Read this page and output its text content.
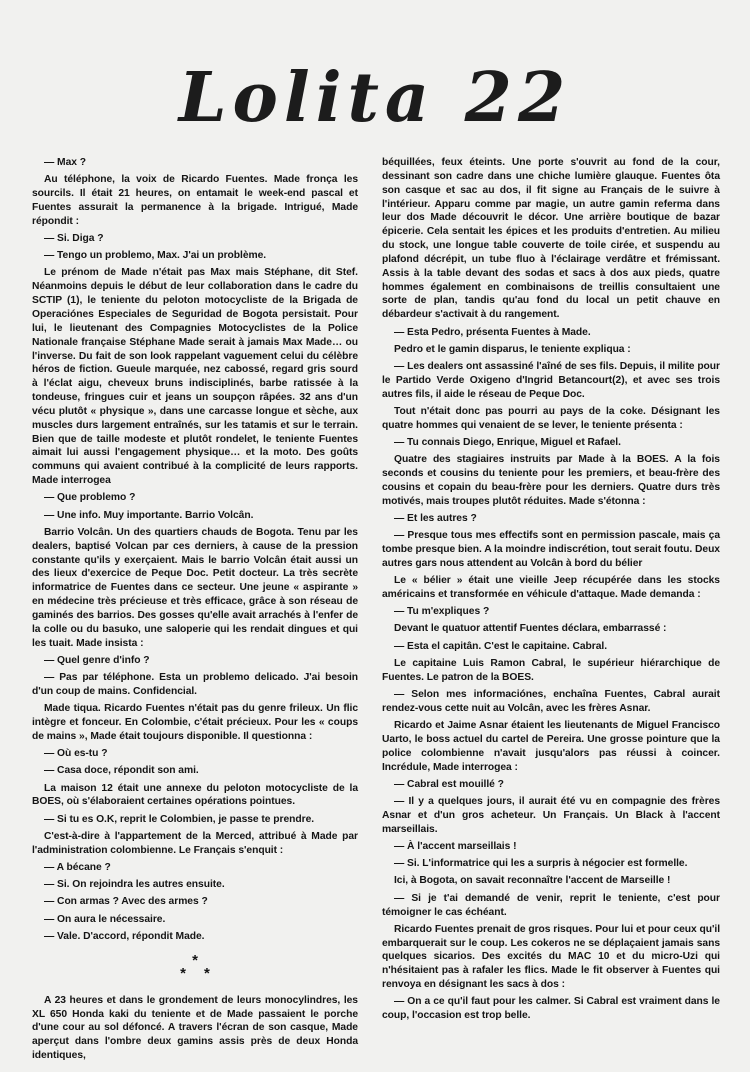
Lolita 22

— Max ?

Au téléphone, la voix de Ricardo Fuentes. Made fronça les sourcils. Il était 21 heures, on entamait le week-end pascal et Fuentes assurait la permanence à la brigade. Intrigué, Made répondit :

— Si. Diga ?

— Tengo un problemo, Max. J'ai un problème.

Le prénom de Made n'était pas Max mais Stéphane, dit Stef. Néanmoins depuis le début de leur collaboration dans le cadre du SCTIP (1), le teniente du peloton motocycliste de la Brigada de Operaciónes Especiales de Seguridad de Bogota persistait. Pour lui, le lieutenant des Compagnies Motocyclistes de la Police Nationale française Stéphane Made serait à jamais Max Made… ou l'inverse. Du fait de son look rappelant vaguement celui du célèbre héros de fiction. Gueule marquée, nez cabossé, regard gris sourd à l'éclat aigu, cheveux bruns indisciplinés, barbe ratissée à la tondeuse, fringues cuir et jeans un soupçon râpées. 32 ans d'un vécu plutôt « physique », dans une carcasse longue et sèche, aux muscles durs largement entraînés, sur les tatamis et sur le terrain. Bien que de taille modeste et plutôt rondelet, le teniente Fuentes aimait lui aussi l'engagement physique… et la moto. Des goûts communs qui avaient contribué à la complicité de leurs rapports. Made interrogea

— Que problemo ?

— Une info. Muy importante. Barrio Volcân.

Barrio Volcân. Un des quartiers chauds de Bogota. Tenu par les dealers, baptisé Volcan par ces derniers, à cause de la pression constante qu'ils y exerçaient. Mais le barrio Volcân était aussi un des lieux d'exercice de Peque Doc. Petit docteur. La très secrète informatrice de Fuentes dans ce secteur. Une jeune « aspirante » en médecine très précieuse et très efficace, grâce à son réseau de gaminés des barrios. Des gosses qu'elle avait arrachés à l'enfer de la colle ou du basuko, une saloperie qui les rendait dingues et qui les tuait. Made insista :

— Quel genre d'info ?

— Pas par téléphone. Esta un problemo delicado. J'ai besoin d'un coup de mains. Confidencial.

Made tiqua. Ricardo Fuentes n'était pas du genre frileux. Un flic intègre et fonceur. En Colombie, c'était précieux. Pour les « coups de mains », Made était toujours disponible. Il questionna :

— Où es-tu ?

— Casa doce, répondit son ami.

La maison 12 était une annexe du peloton motocycliste de la BOES, où s'élaboraient certaines opérations pointues.

— Si tu es O.K, reprit le Colombien, je passe te prendre.

C'est-à-dire à l'appartement de la Merced, attribué à Made par l'administration colombienne. Le Français s'enquit :

— A bécane ?

— Si. On rejoindra les autres ensuite.

— Con armas ? Avec des armes ?

— On aura le nécessaire.

— Vale. D'accord, répondit Made.

*
**

A 23 heures et dans le grondement de leurs monocylindres, les XL 650 Honda kaki du teniente et de Made passaient le porche d'une cour au sol défoncé. A travers l'écran de son casque, Made aperçut dans l'ombre deux gamins assis près de deux Honda identiques,

béquillées, feux éteints. Une porte s'ouvrit au fond de la cour, dessinant son cadre dans une chiche lumière glauque. Fuentes ôta son casque et sac au dos, il fit signe au Français de le suivre à l'intérieur. Apparu comme par magie, un autre gamin referma dans leur dos Made découvrit le décor. Une arrière boutique de bazar épicerie. Cela sentait les épices et les produits d'entretien. Au milieu du stock, une longue table couverte de toile cirée, et suspendu au plafond décrépit, un tube fluo à l'éclairage verdâtre et frémissant. Assis à la table devant des sodas et sacs à dos aux pieds, quatre hommes également en combinaisons de treillis consultaient une sorte de plan, tandis qu'au fond du local un petit chauve en débardeur s'activait à du rangement.

— Esta Pedro, présenta Fuentes à Made.

Pedro et le gamin disparus, le teniente expliqua :

— Les dealers ont assassiné l'aîné de ses fils. Depuis, il milite pour le Partido Verde Oxigeno d'Ingrid Betancourt(2), et avec ses trois autres fils, il aide le réseau de Peque Doc.

Tout n'était donc pas pourri au pays de la coke. Désignant les quatre hommes qui venaient de se lever, le teniente présenta :

— Tu connais Diego, Enrique, Miguel et Rafael.

Quatre des stagiaires instruits par Made à la BOES. A la fois seconds et cousins du teniente pour les premiers, et beau-frère des cousins et copain du beau-frère pour les derniers. Quatre durs très motivés, mais troupes plutôt réduites. Made s'étonna :

— Et les autres ?

— Presque tous mes effectifs sont en permission pascale, mais ça tombe presque bien. A la moindre indiscrétion, tout serait foutu. Deux autres gars nous attendent au Volcân à bord du bélier

Le « bélier » était une vieille Jeep récupérée dans les stocks américains et transformée en véhicule d'attaque. Made demanda :

— Tu m'expliques ?

Devant le quatuor attentif Fuentes déclara, embarrassé :

— Esta el capitân. C'est le capitaine. Cabral.

Le capitaine Luis Ramon Cabral, le supérieur hiérarchique de Fuentes. Le patron de la BOES.

— Selon mes informaciónes, enchaîna Fuentes, Cabral aurait rendez-vous cette nuit au Volcân, avec les frères Asnar.

Ricardo et Jaime Asnar étaient les lieutenants de Miguel Francisco Uarto, le boss actuel du cartel de Pereira. Une grosse pointure que la police colombienne n'avait jusqu'alors pas réussi à coincer. Incrédule, Made interrogea :

— Cabral est mouillé ?

— Il y a quelques jours, il aurait été vu en compagnie des frères Asnar et d'un gros acheteur. Un Français. Un Black à l'accent marseillais.

— À l'accent marseillais !

— Si. L'informatrice qui les a surpris à négocier est formelle.

Ici, à Bogota, on savait reconnaître l'accent de Marseille !

— Si je t'ai demandé de venir, reprit le teniente, c'est pour témoigner le cas échéant.

Ricardo Fuentes prenait de gros risques. Pour lui et pour ceux qu'il embarquerait sur le coup. Les cokeros ne se déplaçaient jamais sans quelques sicarios. Des excités du MAC 10 et du micro-Uzi qui n'hésitaient pas à rafaler les flics. Made le fit observer à Fuentes qui renvoya en désignant les sacs à dos :

— On a ce qu'il faut pour les calmer. Si Cabral est vraiment dans le coup, l'occasion est trop belle.
